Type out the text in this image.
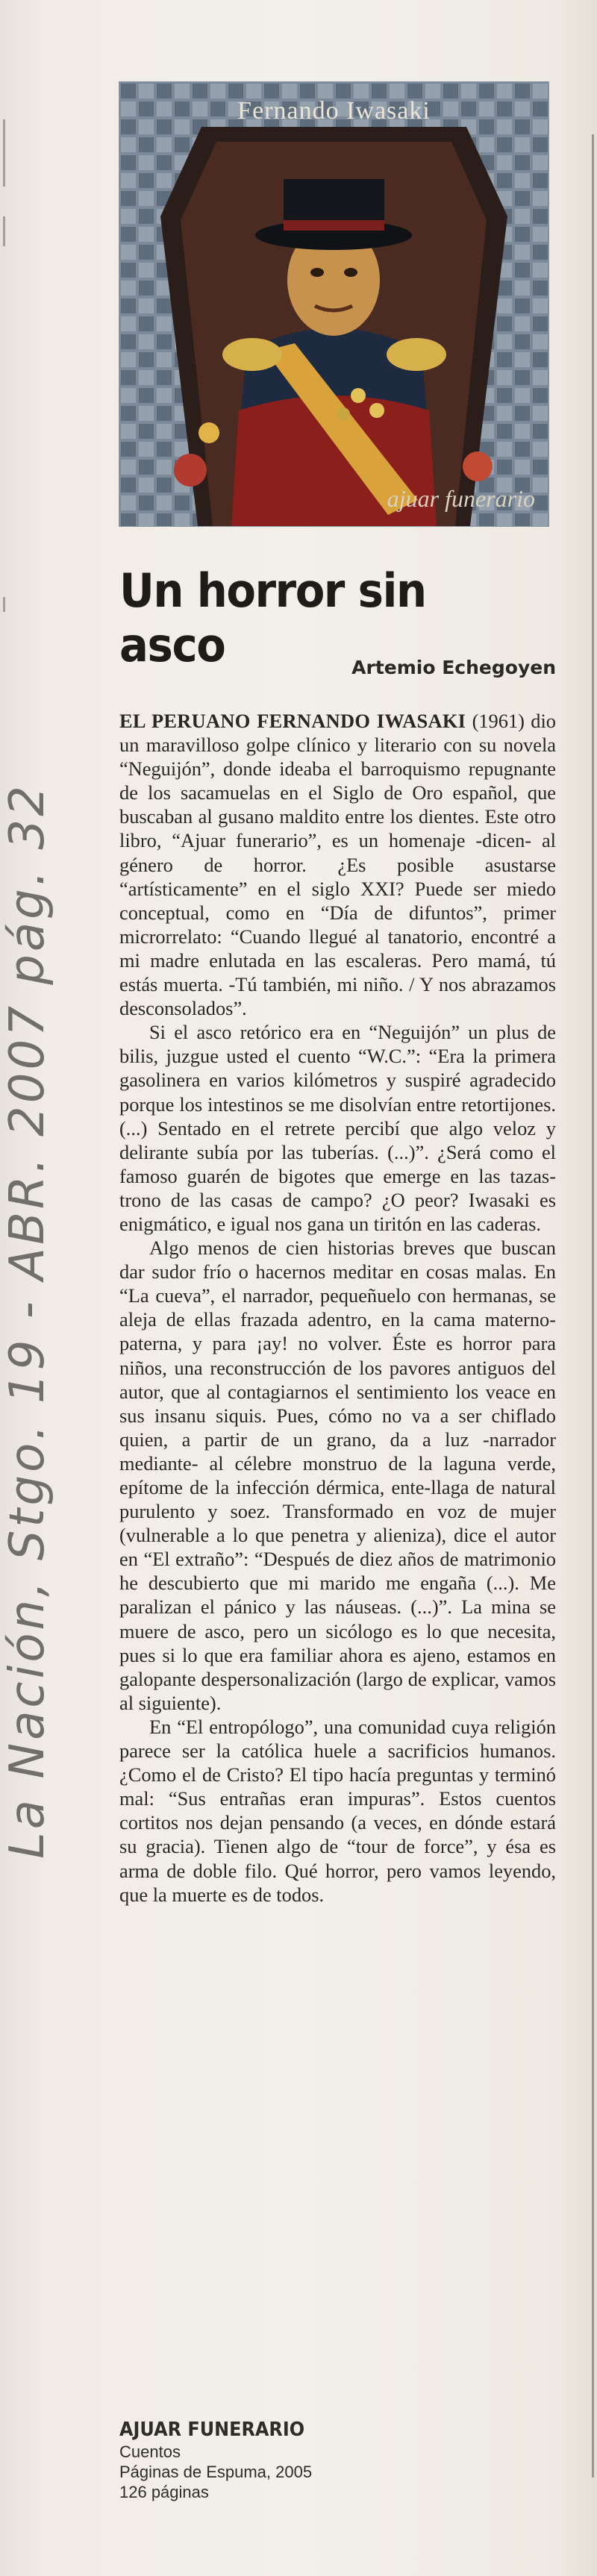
Fernando Iwasaki
ajuar funerario
Un horror sin asco	Artemio Echegoyen

EL PERUANO FERNANDO IWASAKI (1961) dio un maravilloso golpe clínico y literario con su novela “Neguijón”, donde ideaba el barroquismo repugnante de los sacamuelas en el Siglo de Oro español, que buscaban al gusano maldito entre los dientes. Este otro libro, “Ajuar funerario”, es un homenaje -dicen- al género de horror. ¿Es posible asustarse “artísticamente” en el siglo XXI? Puede ser miedo conceptual, como en “Día de difuntos”, primer microrrelato: “Cuando llegué al tanatorio, encontré a mi madre enlutada en las escaleras. Pero mamá, tú estás muerta. -Tú también, mi niño. / Y nos abrazamos desconsolados”.

Si el asco retórico era en “Neguijón” un plus de bilis, juzgue usted el cuento “W.C.”: “Era la primera gasolinera en varios kilómetros y suspiré agradecido porque los intestinos se me disolvían entre retortijones. (...) Sentado en el retrete percibí que algo veloz y delirante subía por las tuberías. (...)”. ¿Será como el famoso guarén de bigotes que emerge en las tazas-trono de las casas de campo? ¿O peor? Iwasaki es enigmático, e igual nos gana un tiritón en las caderas.

Algo menos de cien historias breves que buscan dar sudor frío o hacernos meditar en cosas malas. En “La cueva”, el narrador, pequeñuelo con hermanas, se aleja de ellas frazada adentro, en la cama materno-paterna, y para ¡ay! no volver. Éste es horror para niños, una reconstrucción de los pavores antiguos del autor, que al contagiarnos el sentimiento los veace en sus insanu siquis. Pues, cómo no va a ser chiflado quien, a partir de un grano, da a luz -narrador mediante- al célebre monstruo de la laguna verde, epítome de la infección dérmica, ente-llaga de natural purulento y soez. Transformado en voz de mujer (vulnerable a lo que penetra y alieniza), dice el autor en “El extraño”: “Después de diez años de matrimonio he descubierto que mi marido me engaña (...). Me paralizan el pánico y las náuseas. (...)”. La mina se muere de asco, pero un sicólogo es lo que necesita, pues si lo que era familiar ahora es ajeno, estamos en galopante despersonalización (largo de explicar, vamos al siguiente).

En “El entropólogo”, una comunidad cuya religión parece ser la católica huele a sacrificios humanos. ¿Como el de Cristo? El tipo hacía preguntas y terminó mal: “Sus entrañas eran impuras”. Estos cuentos cortitos nos dejan pensando (a veces, en dónde estará su gracia). Tienen algo de “tour de force”, y ésa es arma de doble filo. Qué horror, pero vamos leyendo, que la muerte es de todos.

AJUAR FUNERARIO
Cuentos
Páginas de Espuma, 2005
126 páginas
La Nación, Stgo. 19 - ABR. 2007 pág. 32
